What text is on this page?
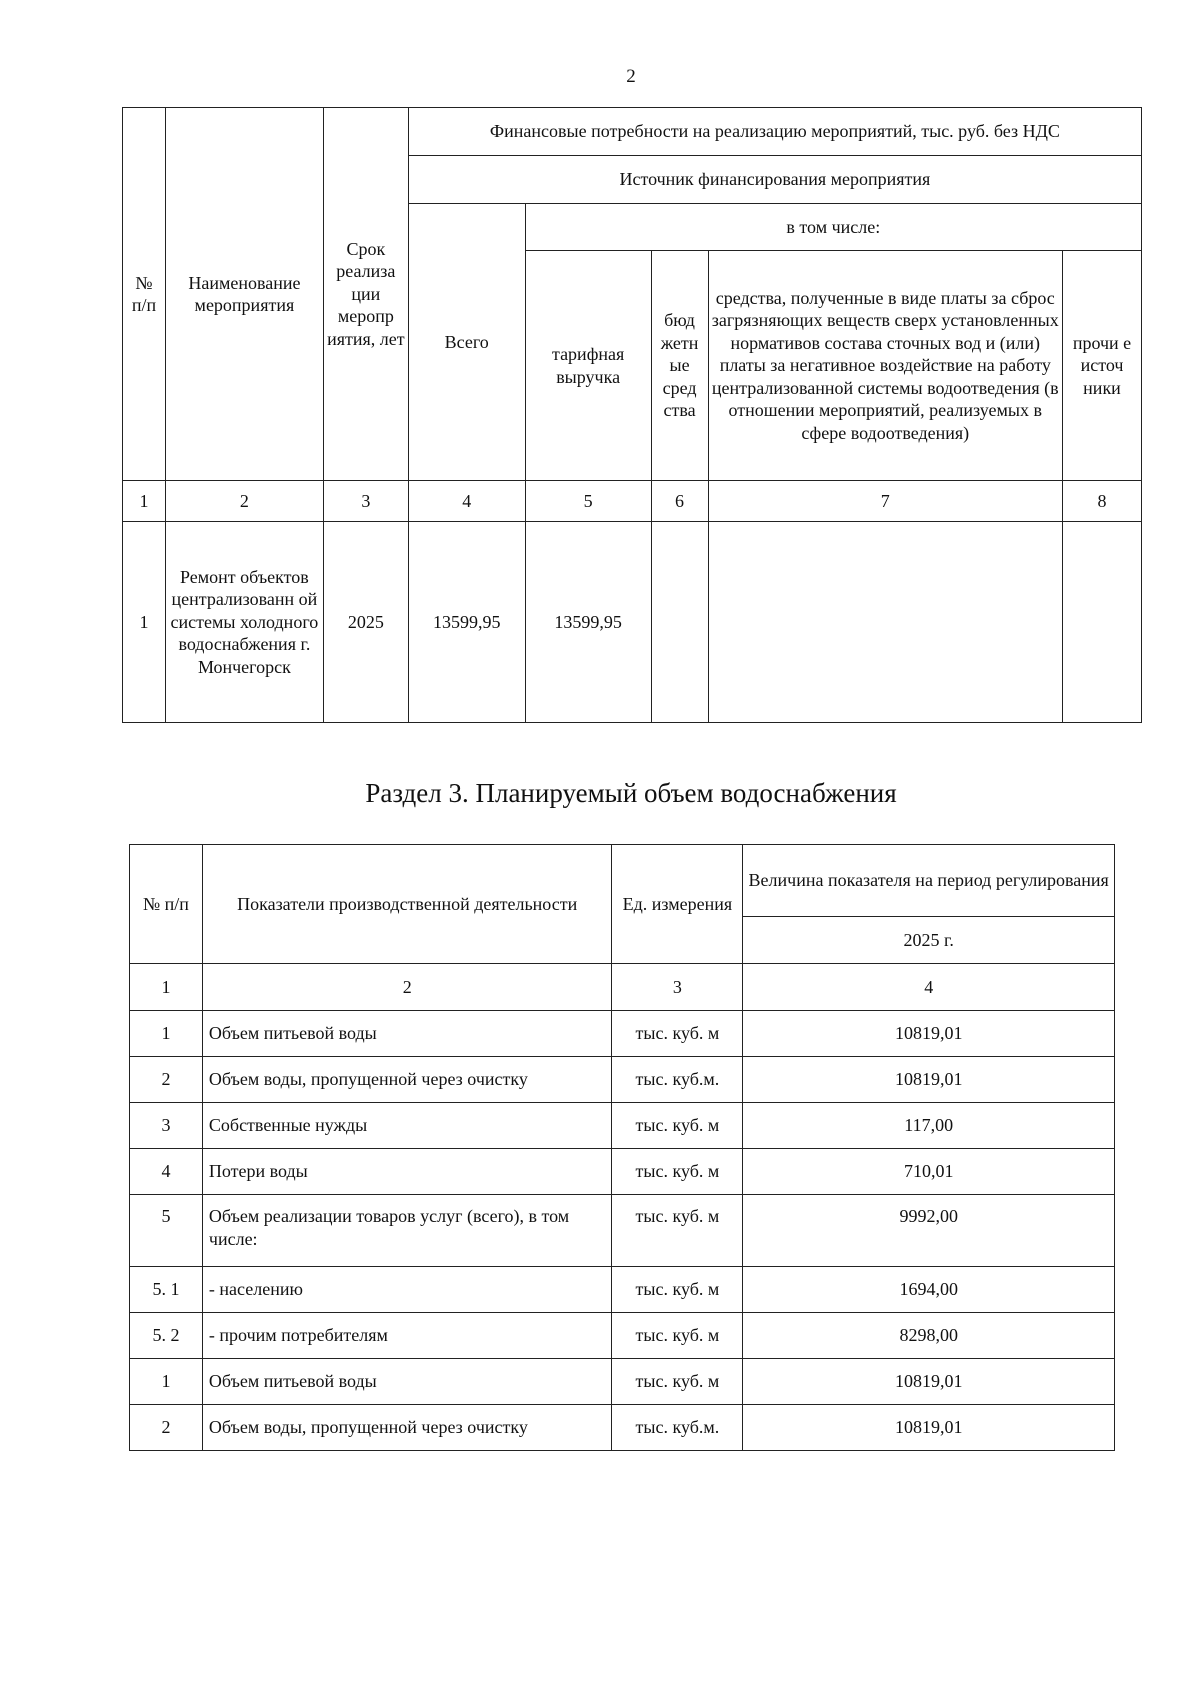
2
№ п/п	Наименование мероприятия	Срок реализа ции меропр иятия, лет	Финансовые потребности на реализацию мероприятий, тыс. руб. без НДС				
			Источник финансирования мероприятия				
			Всего	в том числе:			
				тарифная выручка	бюд жетн ые сред ства	средства, полученные в виде платы за сброс загрязняющих веществ сверх установленных нормативов состава сточных вод и (или) платы за негативное воздействие на работу централизованной системы водоотведения (в отношении мероприятий, реализуемых в сфере водоотведения)	прочи е источ ники
1	2	3	4	5	6	7	8
1	Ремонт объектов централизованн ой системы холодного водоснабжения г. Мончегорск	2025	13599,95	13599,95			
Раздел 3. Планируемый объем водоснабжения
№ п/п	Показатели производственной деятельности	Ед. измерения	Величина показателя на период регулирования
			2025 г.
1	2	3	4
1	Объем питьевой воды	тыс. куб. м	10819,01
2	Объем воды, пропущенной через очистку	тыс. куб.м.	10819,01
3	Собственные нужды	тыс. куб. м	117,00
4	Потери воды	тыс. куб. м	710,01
5	Объем реализации товаров услуг (всего), в том числе:	тыс. куб. м	9992,00
5. 1	- населению	тыс. куб. м	1694,00
5. 2	- прочим потребителям	тыс. куб. м	8298,00
1	Объем питьевой воды	тыс. куб. м	10819,01
2	Объем воды, пропущенной через очистку	тыс. куб.м.	10819,01
